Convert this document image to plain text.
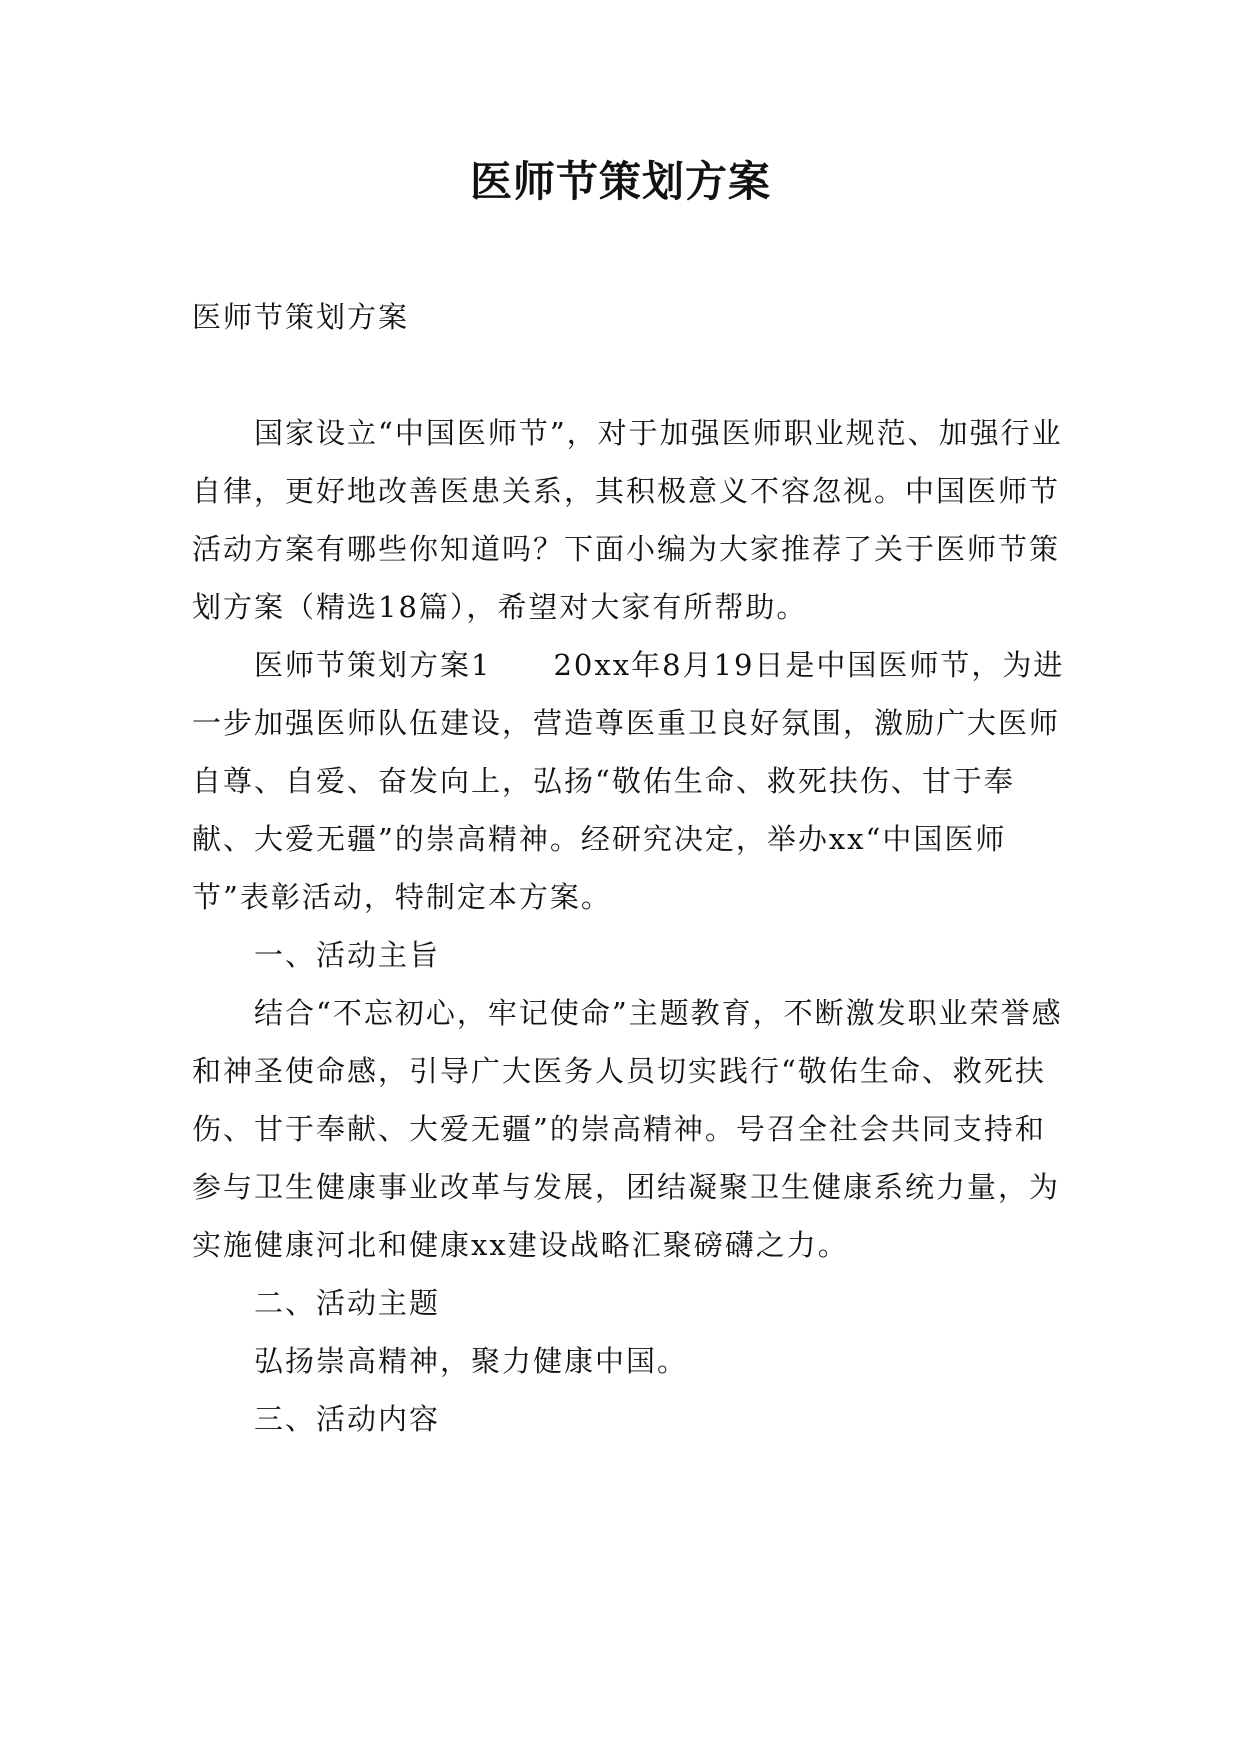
医师节策划方案

医师节策划方案

国家设立“中国医师节”，对于加强医师职业规范、加强行业自律，更好地改善医患关系，其积极意义不容忽视。中国医师节活动方案有哪些你知道吗？下面小编为大家推荐了关于医师节策划方案（精选18篇），希望对大家有所帮助。

医师节策划方案1 20xx年8月19日是中国医师节，为进一步加强医师队伍建设，营造尊医重卫良好氛围，激励广大医师自尊、自爱、奋发向上，弘扬“敬佑生命、救死扶伤、甘于奉献、大爱无疆”的崇高精神。经研究决定，举办xx“中国医师节”表彰活动，特制定本方案。

一、活动主旨

结合“不忘初心，牢记使命”主题教育，不断激发职业荣誉感和神圣使命感，引导广大医务人员切实践行“敬佑生命、救死扶伤、甘于奉献、大爱无疆”的崇高精神。号召全社会共同支持和参与卫生健康事业改革与发展，团结凝聚卫生健康系统力量，为实施健康河北和健康xx建设战略汇聚磅礴之力。

二、活动主题

弘扬崇高精神，聚力健康中国。

三、活动内容
